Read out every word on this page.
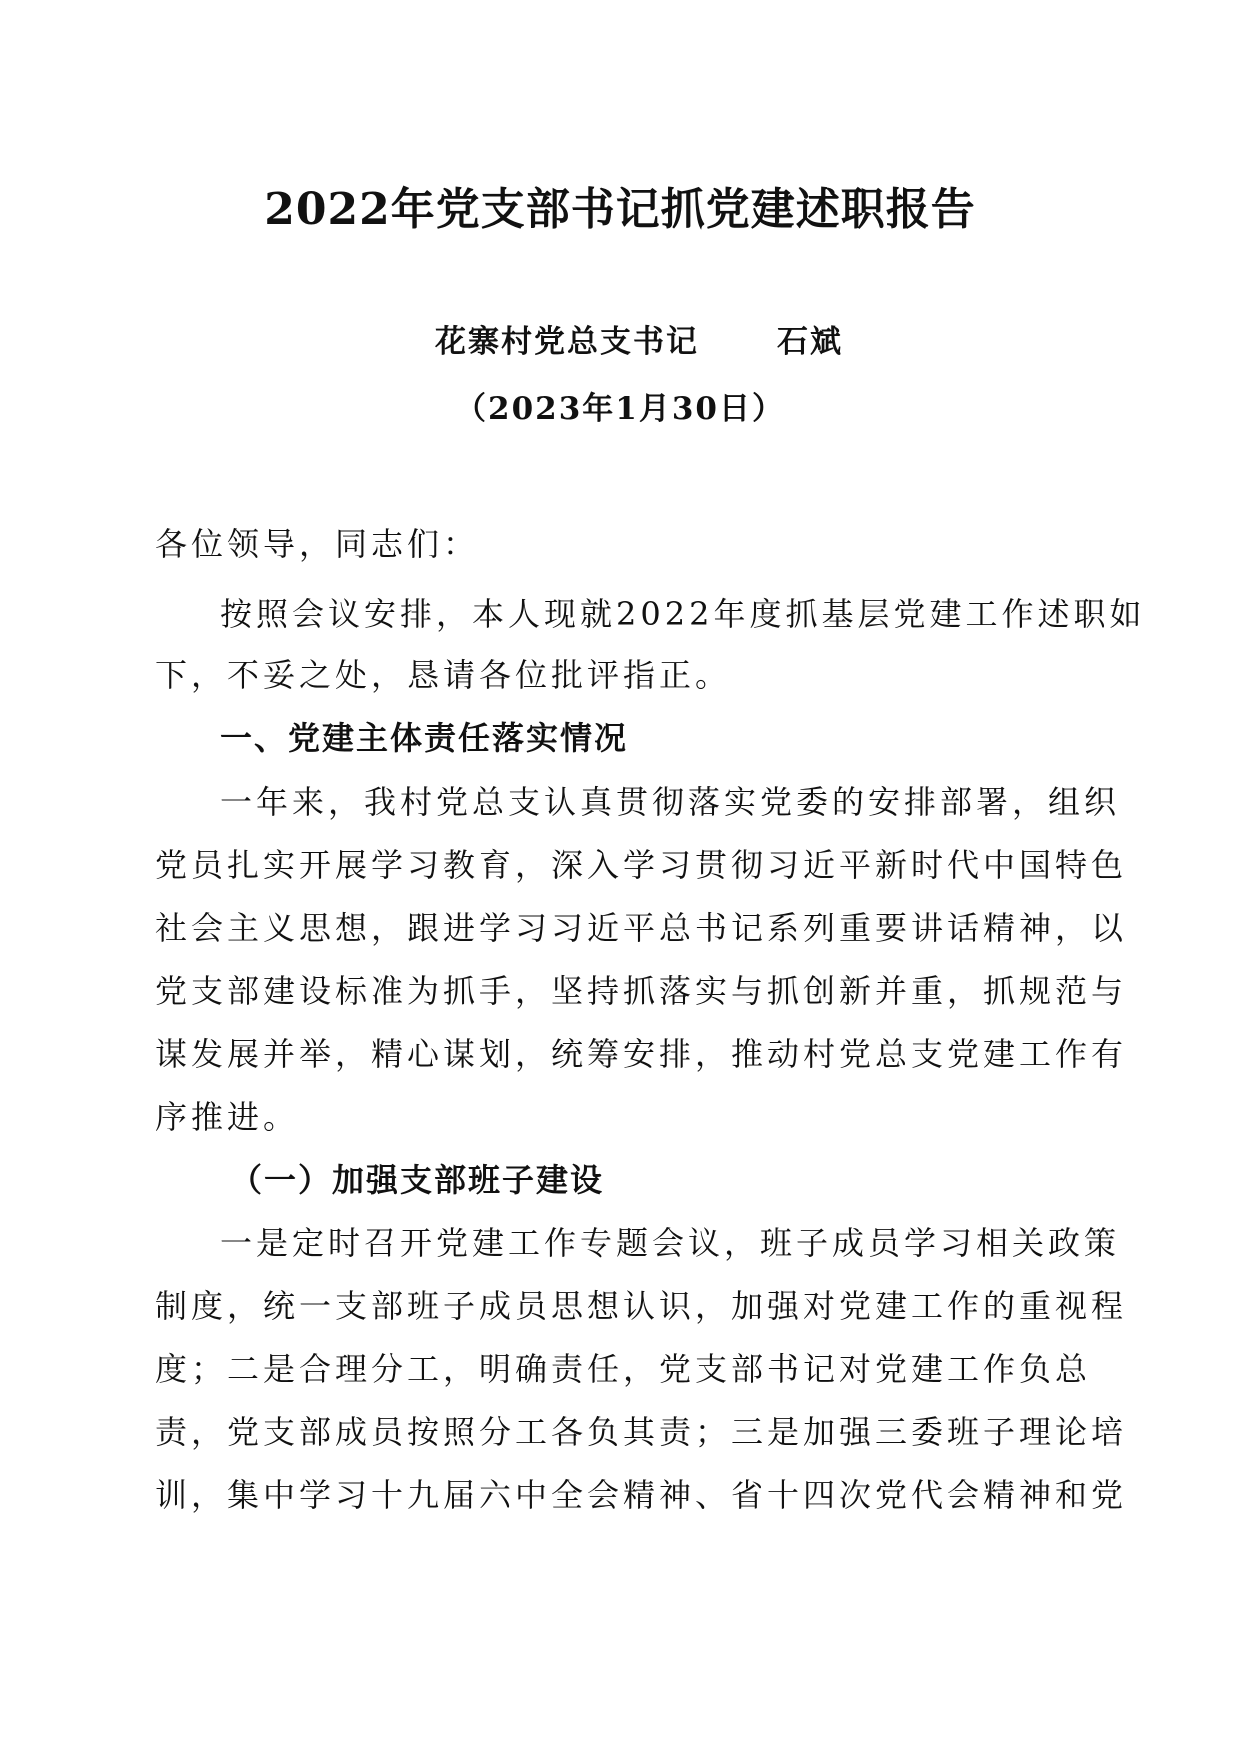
2022年党支部书记抓党建述职报告
花寨村党总支书记	石斌
（2023年1月30日）
各位领导，同志们：
按照会议安排，本人现就2022年度抓基层党建工作述职如
下，不妥之处，恳请各位批评指正。
一、党建主体责任落实情况
一年来，我村党总支认真贯彻落实党委的安排部署，组织
党员扎实开展学习教育，深入学习贯彻习近平新时代中国特色
社会主义思想，跟进学习习近平总书记系列重要讲话精神，以
党支部建设标准为抓手，坚持抓落实与抓创新并重，抓规范与
谋发展并举，精心谋划，统筹安排，推动村党总支党建工作有
序推进。
（一）加强支部班子建设
一是定时召开党建工作专题会议，班子成员学习相关政策
制度，统一支部班子成员思想认识，加强对党建工作的重视程
度；二是合理分工，明确责任，党支部书记对党建工作负总
责，党支部成员按照分工各负其责；三是加强三委班子理论培
训，集中学习十九届六中全会精神、省十四次党代会精神和党
